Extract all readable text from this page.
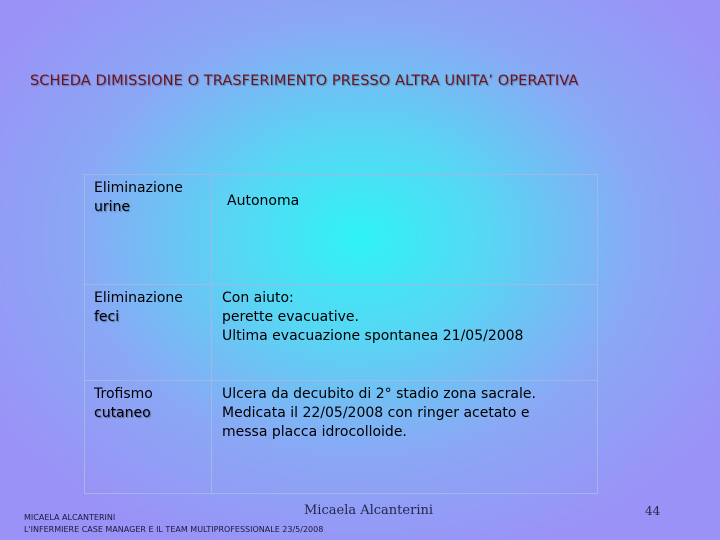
SCHEDA DIMISSIONE O TRASFERIMENTO PRESSO ALTRA UNITA’ OPERATIVA
Eliminazione
urine	Autonoma

Eliminazione
feci	Con aiuto:
perette evacuative.
Ultima evacuazione spontanea 21/05/2008

Trofismo
cutaneo	Ulcera da decubito di 2° stadio zona sacrale.
Medicata il 22/05/2008 con ringer acetato e
messa placca idrocolloide.
Micaela Alcanterini	44
MICAELA ALCANTERINI
L'INFERMIERE CASE MANAGER E IL TEAM MULTIPROFESSIONALE 23/5/2008
